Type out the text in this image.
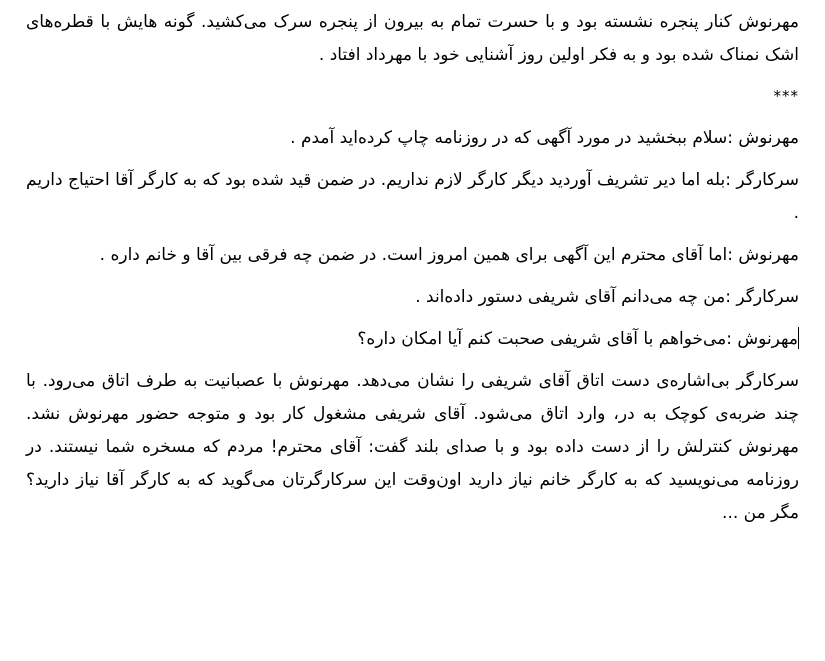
مهرنوش کنار پنجره نشسته بود و با حسرت تمام به بیرون از پنجره سرک می‌کشید. گونه هایش با قطره‌های اشک نمناک شده بود و به فکر اولین روز آشنایی خود با مهرداد افتاد .

***

مهرنوش :سلام ببخشید در مورد آگهی که در روزنامه چاپ کرده‌اید آمدم .

سرکارگر :بله اما دیر تشریف آوردید دیگر کارگر لازم نداریم. در ضمن قید شده بود که به کارگر آقا احتیاج داریم .

مهرنوش :اما آقای محترم این آگهی برای همین امروز است. در ضمن چه فرقی بین آقا و خانم داره .

سرکارگر :من چه می‌دانم آقای شریفی دستور داده‌اند .

مهرنوش :می‌خواهم با آقای شریفی صحبت کنم آیا امکان داره؟

سرکارگر بی‌اشاره‌ی دست اتاق آقای شریفی را نشان می‌دهد. مهرنوش با عصبانیت به طرف اتاق می‌رود. با چند ضربه‌ی کوچک به در، وارد اتاق می‌شود. آقای شریفی مشغول کار بود و متوجه حضور مهرنوش نشد. مهرنوش کنترلش را از دست داده بود و با صدای بلند گفت: آقای محترم! مردم که مسخره شما نیستند. در روزنامه می‌نویسید که به کارگر خانم نیاز دارید اون‌وقت این سرکارگرتان می‌گوید که به کارگر آقا نیاز دارید؟ مگر من ...
